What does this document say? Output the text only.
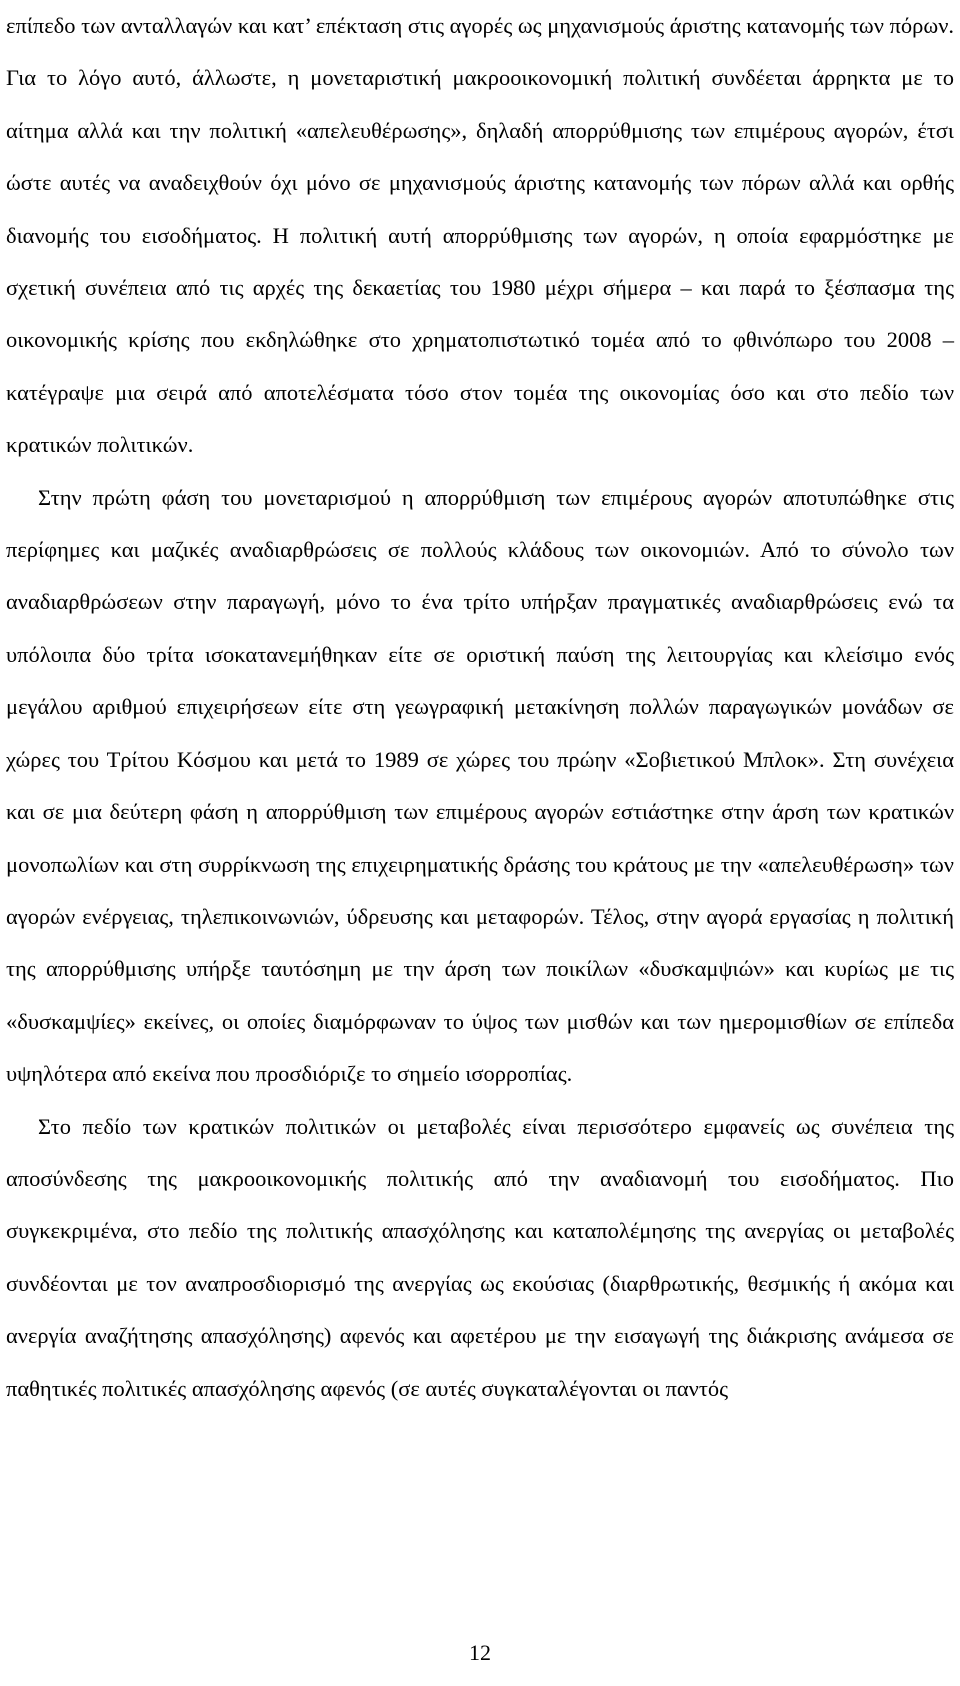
επίπεδο των ανταλλαγών και κατ’ επέκταση στις αγορές ως μηχανισμούς άριστης κατανομής των πόρων. Για το λόγο αυτό, άλλωστε, η μονεταριστική μακροοικονομική πολιτική συνδέεται άρρηκτα με το αίτημα αλλά και την πολιτική «απελευθέρωσης», δηλαδή απορρύθμισης των επιμέρους αγορών, έτσι ώστε αυτές να αναδειχθούν όχι μόνο σε μηχανισμούς άριστης κατανομής των πόρων αλλά και ορθής διανομής του εισοδήματος. Η πολιτική αυτή απορρύθμισης των αγορών, η οποία εφαρμόστηκε με σχετική συνέπεια από τις αρχές της δεκαετίας του 1980 μέχρι σήμερα – και παρά το ξέσπασμα της οικονομικής κρίσης που εκδηλώθηκε στο χρηματοπιστωτικό τομέα από το φθινόπωρο του 2008 – κατέγραψε μια σειρά από αποτελέσματα τόσο στον τομέα της οικονομίας όσο και στο πεδίο των κρατικών πολιτικών.

Στην πρώτη φάση του μονεταρισμού η απορρύθμιση των επιμέρους αγορών αποτυπώθηκε στις περίφημες και μαζικές αναδιαρθρώσεις σε πολλούς κλάδους των οικονομιών. Από το σύνολο των αναδιαρθρώσεων στην παραγωγή, μόνο το ένα τρίτο υπήρξαν πραγματικές αναδιαρθρώσεις ενώ τα υπόλοιπα δύο τρίτα ισοκατανεμήθηκαν είτε σε οριστική παύση της λειτουργίας και κλείσιμο ενός μεγάλου αριθμού επιχειρήσεων είτε στη γεωγραφική μετακίνηση πολλών παραγωγικών μονάδων σε χώρες του Τρίτου Κόσμου και μετά το 1989 σε χώρες του πρώην «Σοβιετικού Μπλοκ». Στη συνέχεια και σε μια δεύτερη φάση η απορρύθμιση των επιμέρους αγορών εστιάστηκε στην άρση των κρατικών μονοπωλίων και στη συρρίκνωση της επιχειρηματικής δράσης του κράτους με την «απελευθέρωση» των αγορών ενέργειας, τηλεπικοινωνιών, ύδρευσης και μεταφορών. Τέλος, στην αγορά εργασίας η πολιτική της απορρύθμισης υπήρξε ταυτόσημη με την άρση των ποικίλων «δυσκαμψιών» και κυρίως με τις «δυσκαμψίες» εκείνες, οι οποίες διαμόρφωναν το ύψος των μισθών και των ημερομισθίων σε επίπεδα υψηλότερα από εκείνα που προσδιόριζε το σημείο ισορροπίας.

Στο πεδίο των κρατικών πολιτικών οι μεταβολές είναι περισσότερο εμφανείς ως συνέπεια της αποσύνδεσης της μακροοικονομικής πολιτικής από την αναδιανομή του εισοδήματος. Πιο συγκεκριμένα, στο πεδίο της πολιτικής απασχόλησης και καταπολέμησης της ανεργίας οι μεταβολές συνδέονται με τον αναπροσδιορισμό της ανεργίας ως εκούσιας (διαρθρωτικής, θεσμικής ή ακόμα και ανεργία αναζήτησης απασχόλησης) αφενός και αφετέρου με την εισαγωγή της διάκρισης ανάμεσα σε παθητικές πολιτικές απασχόλησης αφενός (σε αυτές συγκαταλέγονται οι παντός

12
